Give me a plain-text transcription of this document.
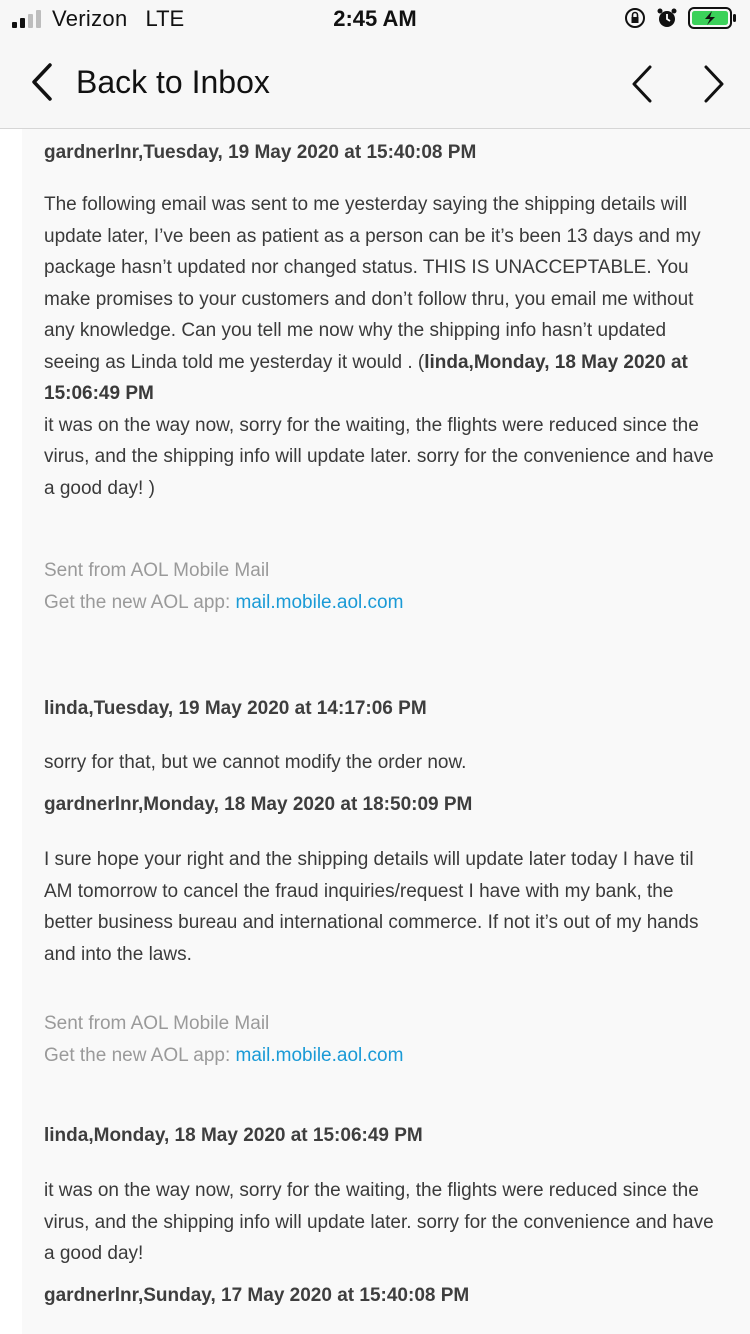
Verizon LTE	2:45 AM
Back to Inbox
gardnerlnr,Tuesday, 19 May 2020 at 15:40:08 PM
The following email was sent to me yesterday saying the shipping details will update later, I’ve been as patient as a person can be it’s been 13 days and my package hasn’t updated nor changed status. THIS IS UNACCEPTABLE. You make promises to your customers and don’t follow thru, you email me without any knowledge. Can you tell me now why the shipping info hasn’t updated seeing as Linda told me yesterday it would . (linda,Monday, 18 May 2020 at 15:06:49 PM
it was on the way now, sorry for the waiting, the flights were reduced since the virus, and the shipping info will update later. sorry for the convenience and have a good day! )
Sent from AOL Mobile Mail
Get the new AOL app: mail.mobile.aol.com
linda,Tuesday, 19 May 2020 at 14:17:06 PM
sorry for that, but we cannot modify the order now.
gardnerlnr,Monday, 18 May 2020 at 18:50:09 PM
I sure hope your right and the shipping details will update later today I have til AM tomorrow to cancel the fraud inquiries/request I have with my bank, the better business bureau and international commerce. If not it’s out of my hands and into the laws.
Sent from AOL Mobile Mail
Get the new AOL app: mail.mobile.aol.com
linda,Monday, 18 May 2020 at 15:06:49 PM
it was on the way now, sorry for the waiting, the flights were reduced since the virus, and the shipping info will update later. sorry for the convenience and have a good day!
gardnerlnr,Sunday, 17 May 2020 at 15:40:08 PM
